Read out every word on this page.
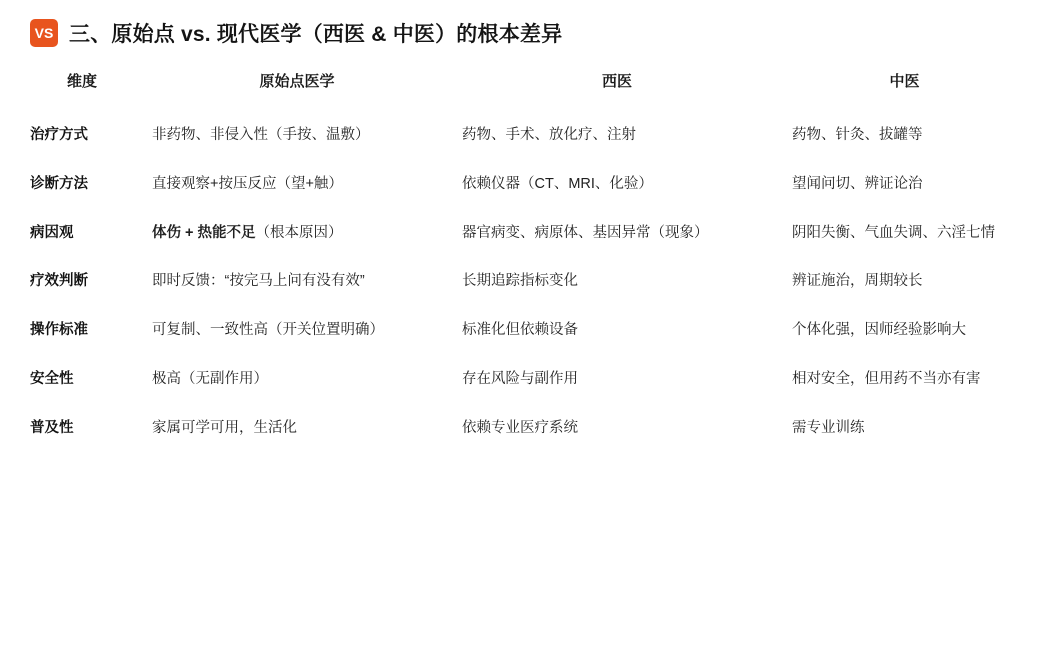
VS 三、原始点 vs. 现代医学（西医 & 中医）的根本差异
维度	原始点医学	西医	中医
治疗方式	非药物、非侵入性（手按、温敷）	药物、手术、放化疗、注射	药物、针灸、拔罐等
诊断方法	直接观察+按压反应（望+触）	依赖仪器（CT、MRI、化验）	望闻问切、辨证论治
病因观	体伤 + 热能不足（根本原因）	器官病变、病原体、基因异常（现象）	阴阳失衡、气血失调、六淫七情
疗效判断	即时反馈：“按完马上问有没有效”	长期追踪指标变化	辨证施治，周期较长
操作标准	可复制、一致性高（开关位置明确）	标准化但依赖设备	个体化强，因师经验影响大
安全性	极高（无副作用）	存在风险与副作用	相对安全，但用药不当亦有害
普及性	家属可学可用，生活化	依赖专业医疗系统	需专业训练
